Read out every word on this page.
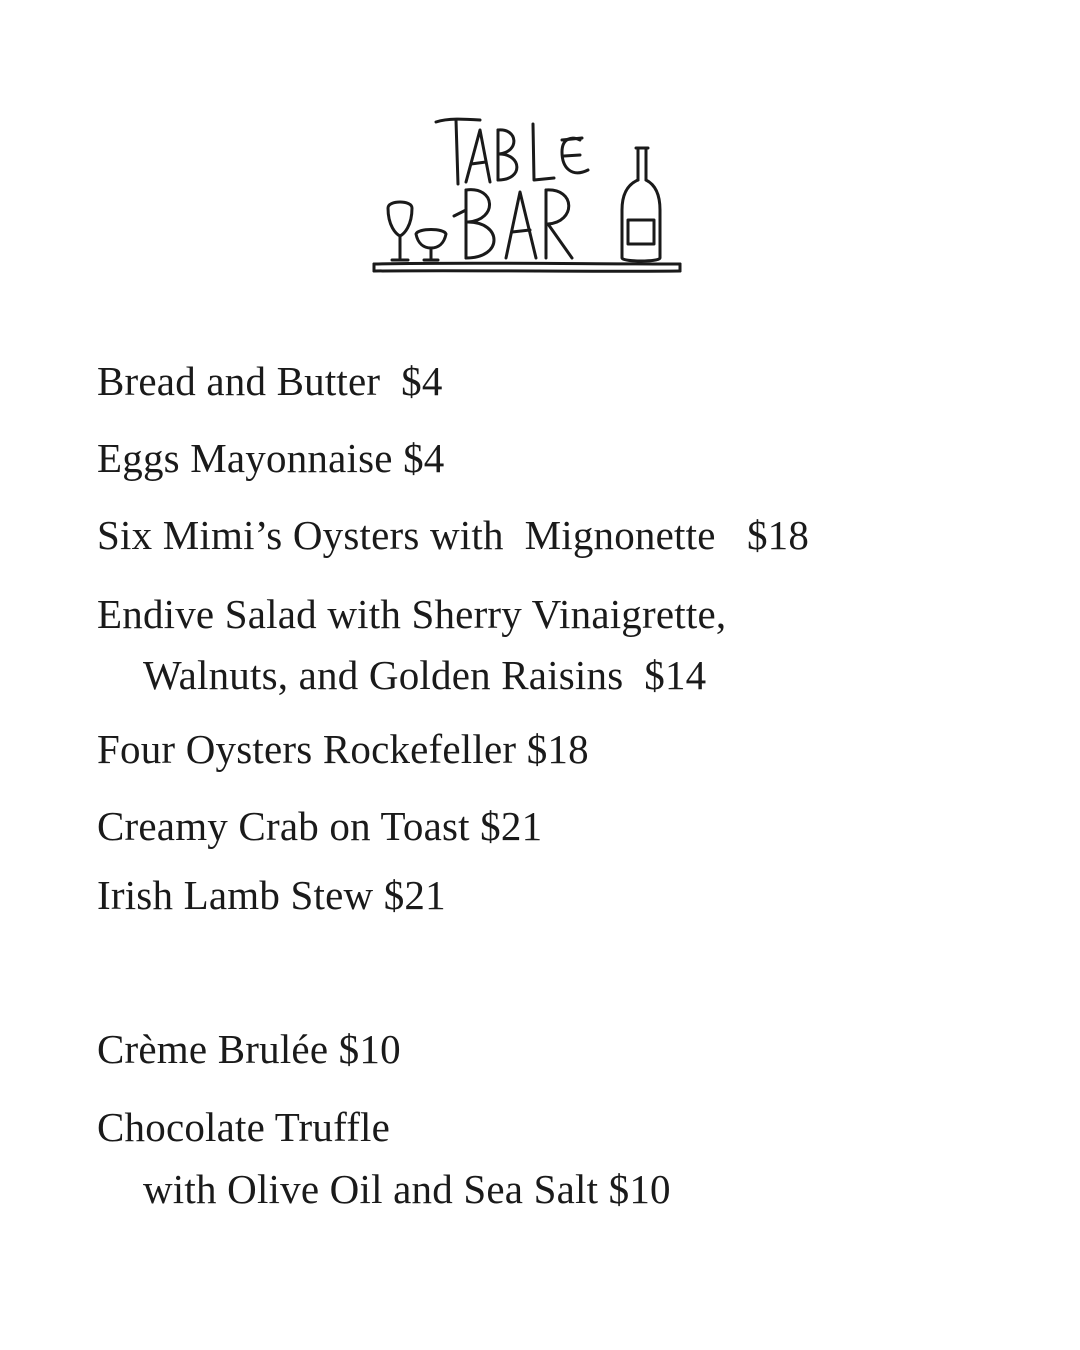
Bread and Butter  $4
Eggs Mayonnaise $4
Six Mimi’s Oysters with  Mignonette   $18
Endive Salad with Sherry Vinaigrette,
Walnuts, and Golden Raisins  $14
Four Oysters Rockefeller $18
Creamy Crab on Toast $21
Irish Lamb Stew $21
Crème Brulée $10
Chocolate Truffle
with Olive Oil and Sea Salt $10
